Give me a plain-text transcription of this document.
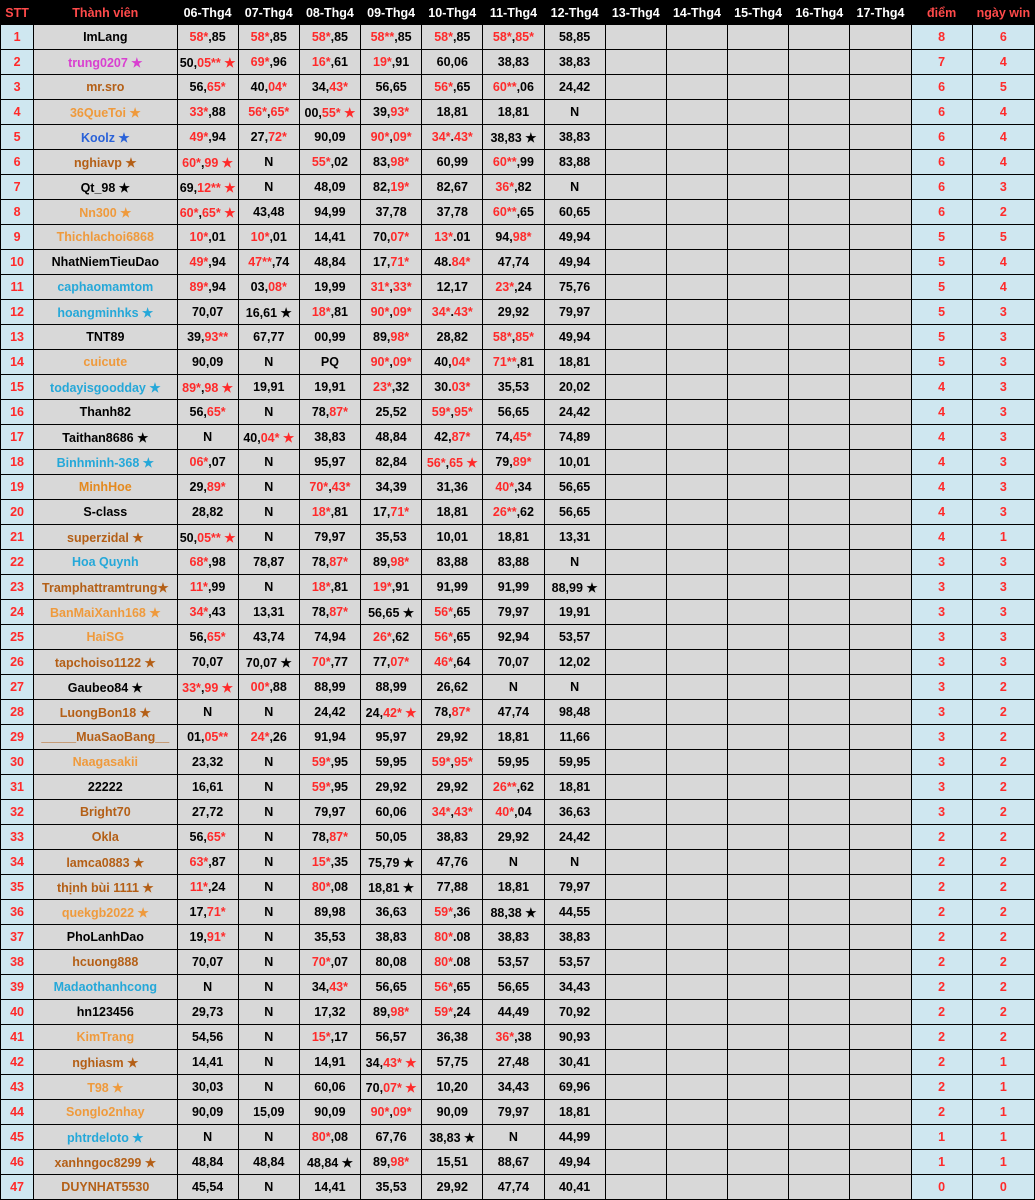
STT	Thành viên	06-Thg4	07-Thg4	08-Thg4	09-Thg4	10-Thg4	11-Thg4	12-Thg4	13-Thg4	14-Thg4	15-Thg4	16-Thg4	17-Thg4	điểm	ngày win
1	ImLang	58*,85	58*,85	58*,85	58**,85	58*,85	58*,85*	58,85						8	6
2	trung0207 ★	50,05** ★	69*,96	16*,61	19*,91	60,06	38,83	38,83						7	4
3	mr.sro	56,65*	40,04*	34,43*	56,65	56*,65	60**,06	24,42						6	5
4	36QueToi ★	33*,88	56*,65*	00,55* ★	39,93*	18,81	18,81	N						6	4
5	Koolz ★	49*,94	27,72*	90,09	90*,09*	34*.43*	38,83 ★	38,83						6	4
6	nghiavp ★	60*,99 ★	N	55*,02	83,98*	60,99	60**,99	83,88						6	4
7	Qt_98 ★	69,12** ★	N	48,09	82,19*	82,67	36*,82	N						6	3
8	Nn300 ★	60*,65* ★	43,48	94,99	37,78	37,78	60**,65	60,65						6	2
9	Thichlachoi6868	10*,01	10*,01	14,41	70,07*	13*.01	94,98*	49,94						5	5
10	NhatNiemTieuDao	49*,94	47**,74	48,84	17,71*	48.84*	47,74	49,94						5	4
11	caphaomamtom	89*,94	03,08*	19,99	31*,33*	12,17	23*,24	75,76						5	4
12	hoangminhks ★	70,07	16,61 ★	18*,81	90*,09*	34*.43*	29,92	79,97						5	3
13	TNT89	39,93**	67,77	00,99	89,98*	28,82	58*,85*	49,94						5	3
14	cuicute	90,09	N	PQ	90*,09*	40,04*	71**,81	18,81						5	3
15	todayisgoodday ★	89*,98 ★	19,91	19,91	23*,32	30.03*	35,53	20,02						4	3
16	Thanh82	56,65*	N	78,87*	25,52	59*,95*	56,65	24,42						4	3
17	Taithan8686 ★	N	40,04* ★	38,83	48,84	42,87*	74,45*	74,89						4	3
18	Binhminh-368 ★	06*,07	N	95,97	82,84	56*,65 ★	79,89*	10,01						4	3
19	MinhHoe	29,89*	N	70*,43*	34,39	31,36	40*,34	56,65						4	3
20	S-class	28,82	N	18*,81	17,71*	18,81	26**,62	56,65						4	3
21	superzidal ★	50,05** ★	N	79,97	35,53	10,01	18,81	13,31						4	1
22	Hoa Quynh	68*,98	78,87	78,87*	89,98*	83,88	83,88	N						3	3
23	Tramphattramtrung★	11*,99	N	18*,81	19*,91	91,99	91,99	88,99 ★						3	3
24	BanMaiXanh168 ★	34*,43	13,31	78,87*	56,65 ★	56*,65	79,97	19,91						3	3
25	HaiSG	56,65*	43,74	74,94	26*,62	56*,65	92,94	53,57						3	3
26	tapchoiso1122 ★	70,07	70,07 ★	70*,77	77,07*	46*,64	70,07	12,02						3	3
27	Gaubeo84 ★	33*,99 ★	00*,88	88,99	88,99	26,62	N	N						3	2
28	LuongBon18 ★	N	N	24,42	24,42* ★	78,87*	47,74	98,48						3	2
29	_____MuaSaoBang__	01,05**	24*,26	91,94	95,97	29,92	18,81	11,66						3	2
30	Naagasakii	23,32	N	59*,95	59,95	59*,95*	59,95	59,95						3	2
31	22222	16,61	N	59*,95	29,92	29,92	26**,62	18,81						3	2
32	Bright70	27,72	N	79,97	60,06	34*,43*	40*,04	36,63						3	2
33	Okla	56,65*	N	78,87*	50,05	38,83	29,92	24,42						2	2
34	lamca0883 ★	63*,87	N	15*,35	75,79 ★	47,76	N	N						2	2
35	thịnh bùi 1111 ★	11*,24	N	80*,08	18,81 ★	77,88	18,81	79,97						2	2
36	quekgb2022 ★	17,71*	N	89,98	36,63	59*,36	88,38 ★	44,55						2	2
37	PhoLanhDao	19,91*	N	35,53	38,83	80*.08	38,83	38,83						2	2
38	hcuong888	70,07	N	70*,07	80,08	80*.08	53,57	53,57						2	2
39	Madaothanhcong	N	N	34,43*	56,65	56*,65	56,65	34,43						2	2
40	hn123456	29,73	N	17,32	89,98*	59*,24	44,49	70,92						2	2
41	KimTrang	54,56	N	15*,17	56,57	36,38	36*,38	90,93						2	2
42	nghiasm ★	14,41	N	14,91	34,43* ★	57,75	27,48	30,41						2	1
43	T98 ★	30,03	N	60,06	70,07* ★	10,20	34,43	69,96						2	1
44	Songlo2nhay	90,09	15,09	90,09	90*,09*	90,09	79,97	18,81						2	1
45	phtrdeloto ★	N	N	80*,08	67,76	38,83 ★	N	44,99						1	1
46	xanhngoc8299 ★	48,84	48,84	48,84 ★	89,98*	15,51	88,67	49,94						1	1
47	DUYNHAT5530	45,54	N	14,41	35,53	29,92	47,74	40,41						0	0
